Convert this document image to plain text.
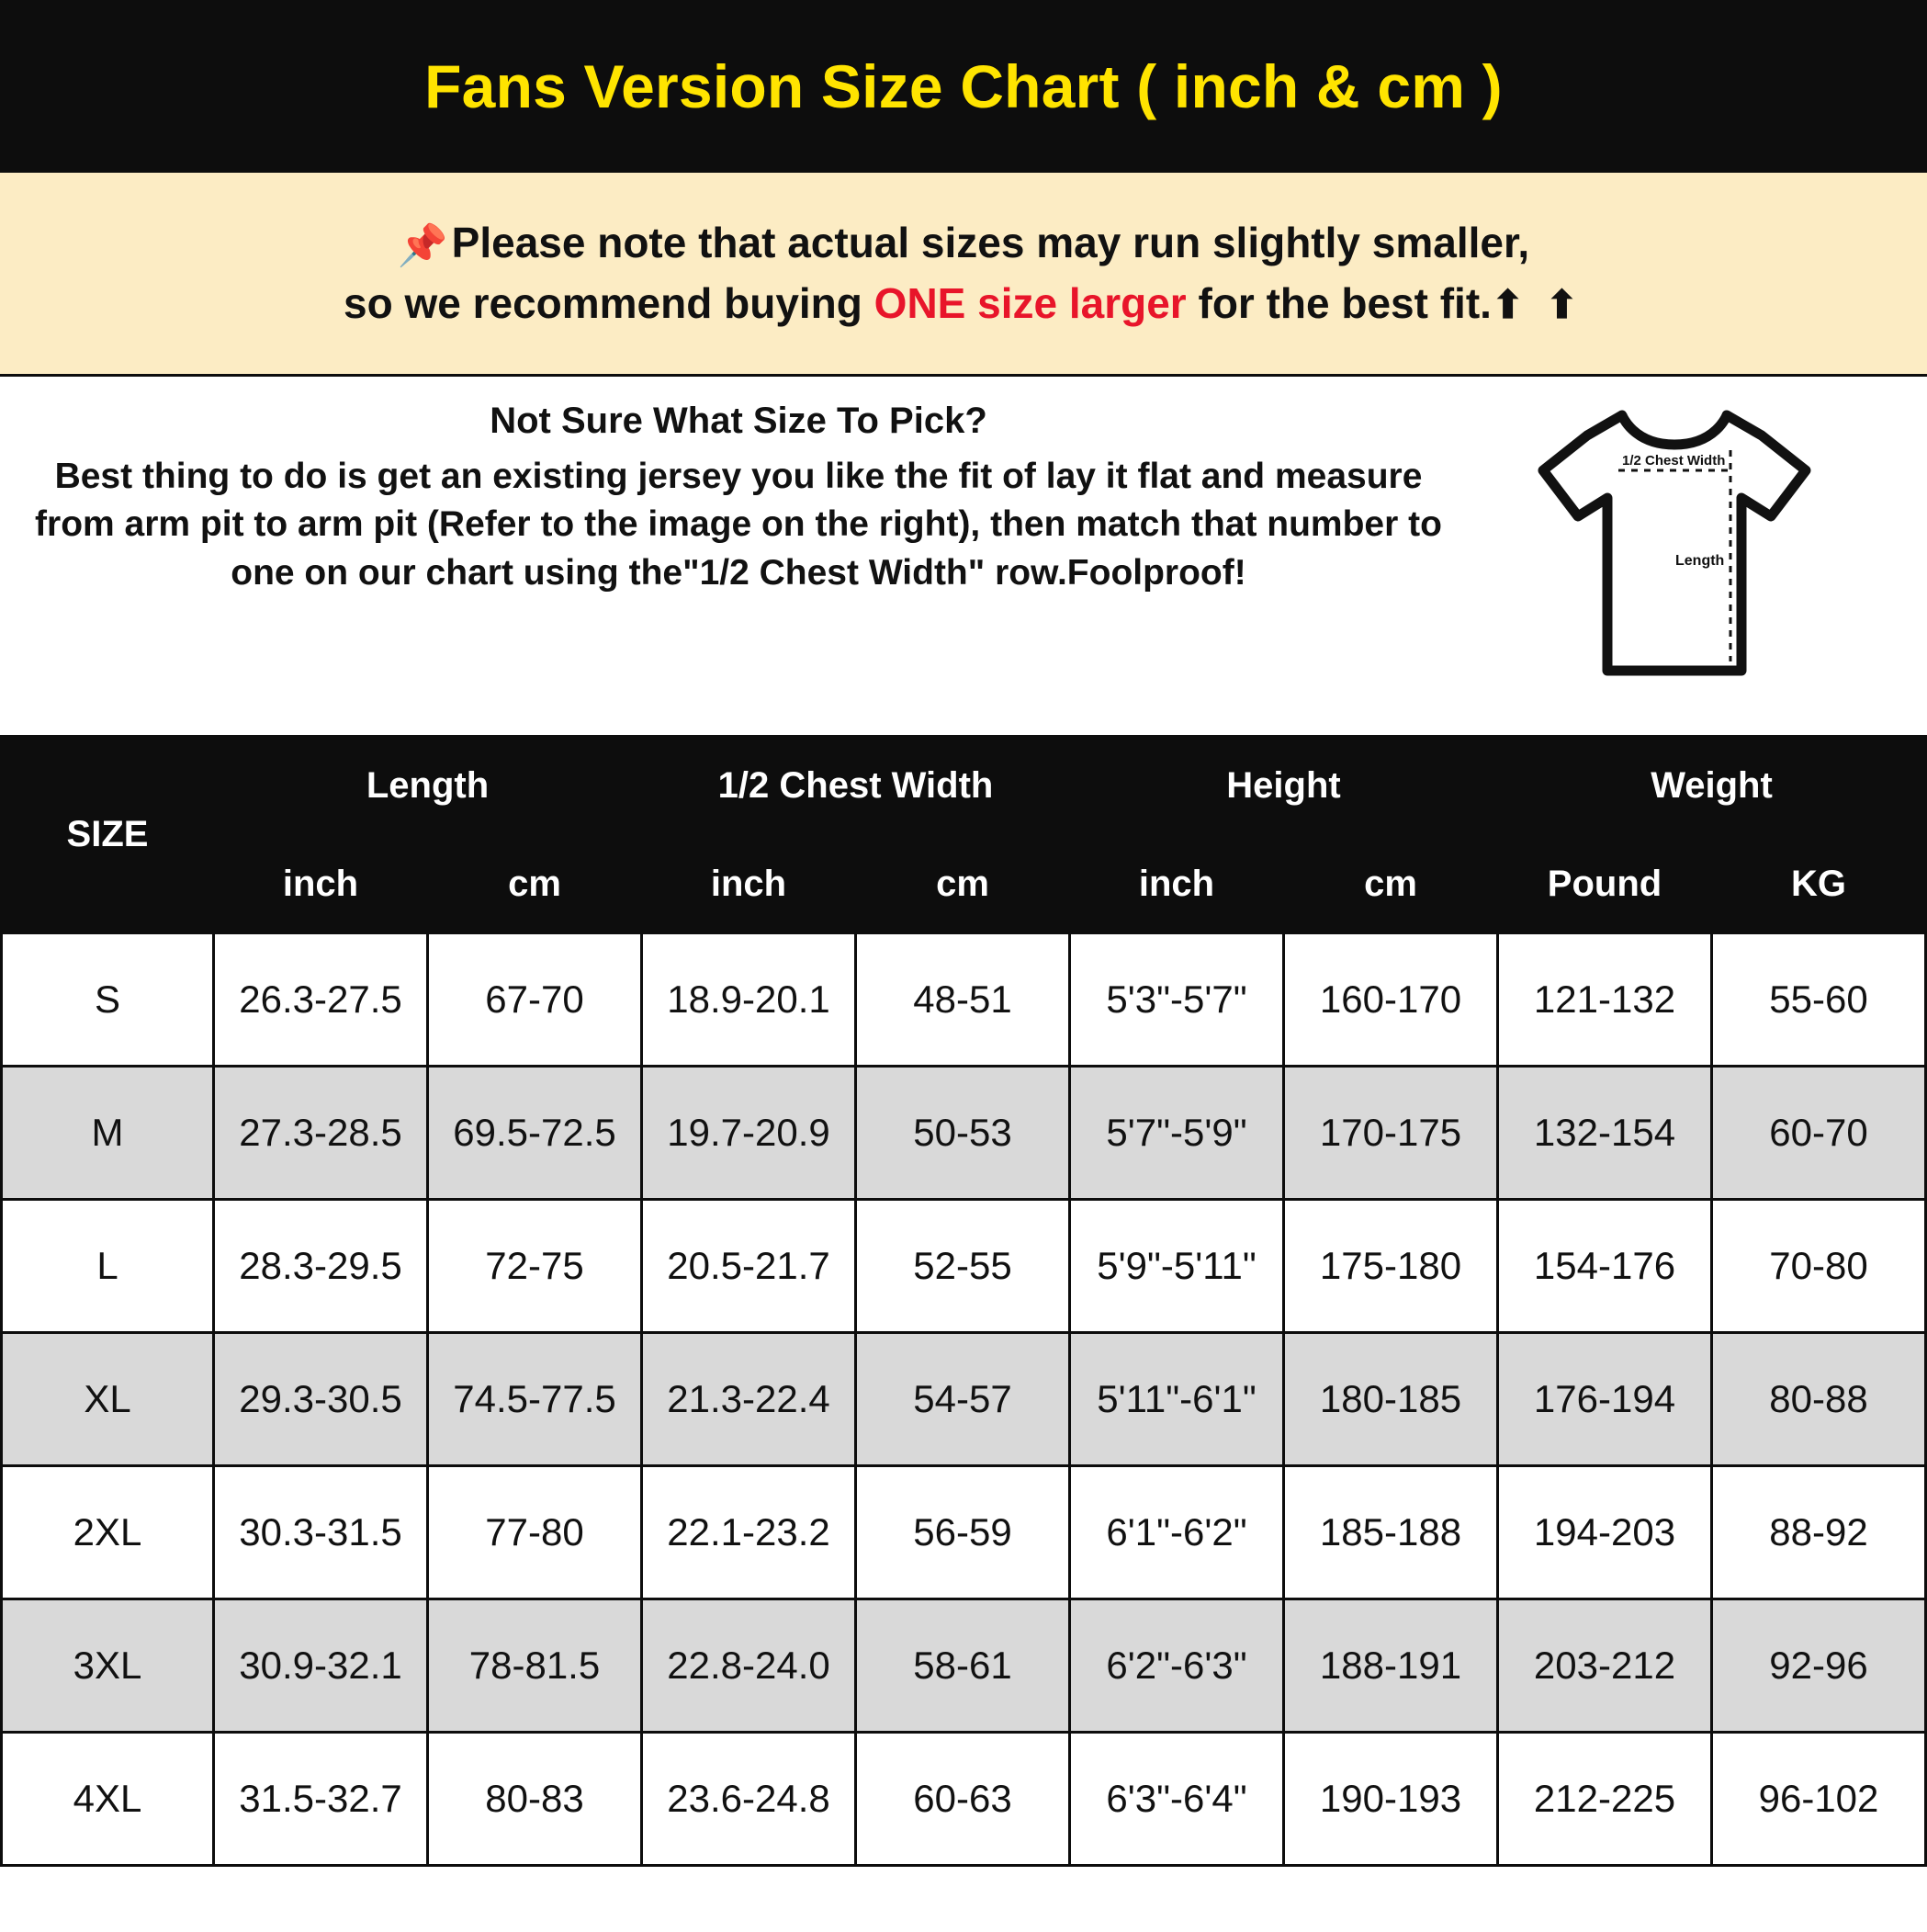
Fans Version Size Chart ( inch & cm )
📌Please note that actual sizes may run slightly smaller,
so we recommend buying ONE size larger for the best fit.⬆ ⬆
Not Sure What Size To Pick?
Best thing to do is get an existing jersey you like the fit of lay it flat and measure from arm pit to arm pit (Refer to the image on the right), then match that number to one on our chart using the"1/2 Chest Width" row.Foolproof!
1/2 Chest Width
Length
SIZE	Length		1/2 Chest Width		Height		Weight	
	inch	cm	inch	cm	inch	cm	Pound	KG
S	26.3-27.5	67-70	18.9-20.1	48-51	5'3"-5'7"	160-170	121-132	55-60
M	27.3-28.5	69.5-72.5	19.7-20.9	50-53	5'7"-5'9"	170-175	132-154	60-70
L	28.3-29.5	72-75	20.5-21.7	52-55	5'9"-5'11"	175-180	154-176	70-80
XL	29.3-30.5	74.5-77.5	21.3-22.4	54-57	5'11"-6'1"	180-185	176-194	80-88
2XL	30.3-31.5	77-80	22.1-23.2	56-59	6'1"-6'2"	185-188	194-203	88-92
3XL	30.9-32.1	78-81.5	22.8-24.0	58-61	6'2"-6'3"	188-191	203-212	92-96
4XL	31.5-32.7	80-83	23.6-24.8	60-63	6'3"-6'4"	190-193	212-225	96-102
